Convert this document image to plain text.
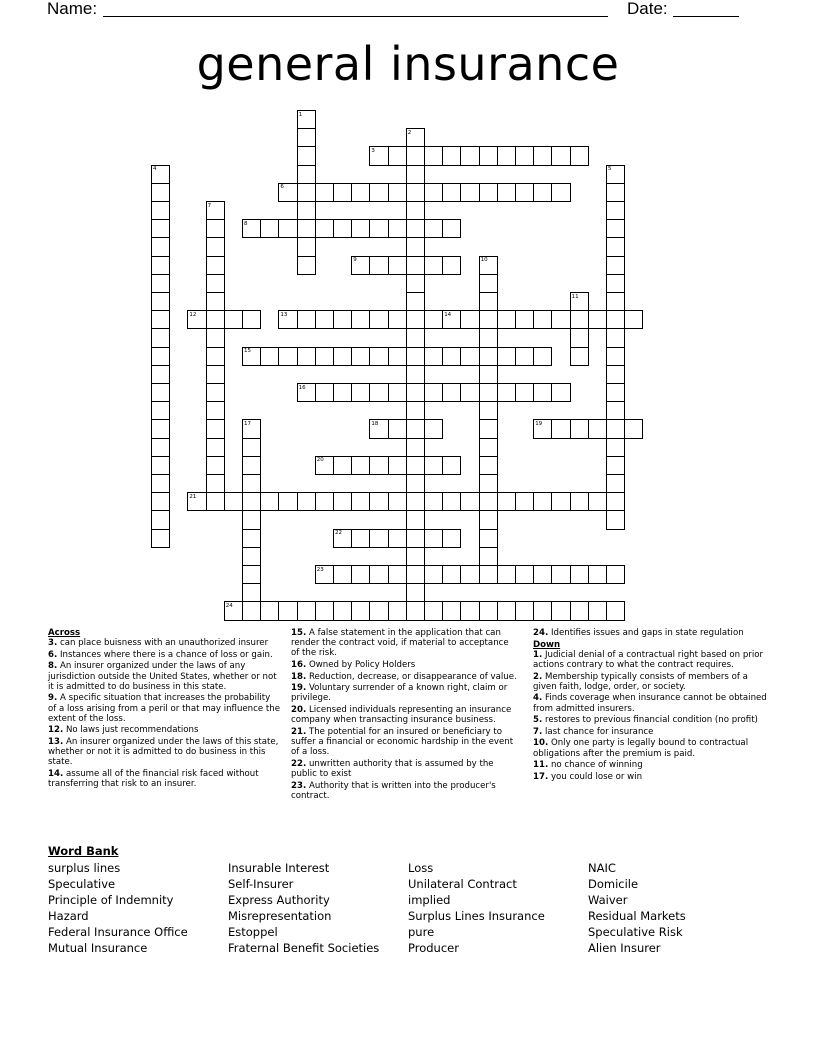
Name:	Date:
general insurance
1
2
3
4	5
6
7
8
9	10
11
12	13	14
15
16
17	18	19
20
21
22
23
24

Across

3. can place buisness with an unauthorized insurer

6. Instances where there is a chance of loss or gain.

8. An insurer organized under the laws of any jurisdiction outside the United States, whether or not it is admitted to do business in this state.

9. A specific situation that increases the probability of a loss arising from a peril or that may influence the extent of the loss.

12. No laws just recommendations

13. An insurer organized under the laws of this state, whether or not it is admitted to do business in this state.

14. assume all of the financial risk faced without transferring that risk to an insurer.

15. A false statement in the application that can render the contract void, if material to acceptance of the risk.

16. Owned by Policy Holders

18. Reduction, decrease, or disappearance of value.

19. Voluntary surrender of a known right, claim or privilege.

20. Licensed individuals representing an insurance company when transacting insurance business.

21. The potential for an insured or beneficiary to suffer a financial or economic hardship in the event of a loss.

22. unwritten authority that is assumed by the public to exist

23. Authority that is written into the producer's contract.

24. Identifies issues and gaps in state regulation

Down

1. Judicial denial of a contractual right based on prior actions contrary to what the contract requires.

2. Membership typically consists of members of a given faith, lodge, order, or society.

4. Finds coverage when insurance cannot be obtained from admitted insurers.

5. restores to previous financial condition (no profit)

7. last chance for insurance

10. Only one party is legally bound to contractual obligations after the premium is paid.

11. no chance of winning

17. you could lose or win

Word Bank
surplus lines
Speculative
Principle of Indemnity
Hazard
Federal Insurance Office
Mutual Insurance
Insurable Interest
Self-Insurer
Express Authority
Misrepresentation
Estoppel
Fraternal Benefit Societies
Loss
Unilateral Contract
implied
Surplus Lines Insurance
pure
Producer
NAIC
Domicile
Waiver
Residual Markets
Speculative Risk
Alien Insurer
